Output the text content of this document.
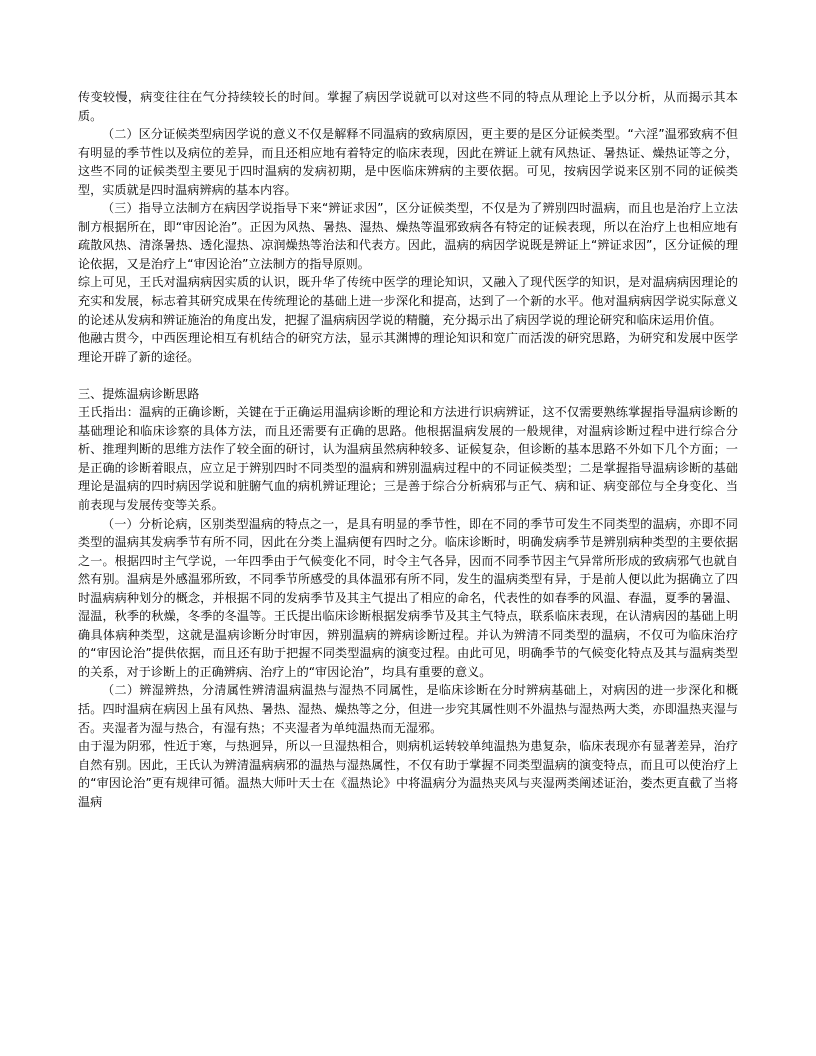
传变较慢，病变往往在气分持续较长的时间。掌握了病因学说就可以对这些不同的特点从理论上予以分析，从而揭示其本质。

（二）区分证候类型病因学说的意义不仅是解释不同温病的致病原因，更主要的是区分证候类型。“六淫”温邪致病不但有明显的季节性以及病位的差异，而且还相应地有着特定的临床表现，因此在辨证上就有风热证、暑热证、燥热证等之分，这些不同的证候类型主要见于四时温病的发病初期，是中医临床辨病的主要依据。可见，按病因学说来区别不同的证候类型，实质就是四时温病辨病的基本内容。

（三）指导立法制方在病因学说指导下来“辨证求因”，区分证候类型，不仅是为了辨别四时温病，而且也是治疗上立法制方根据所在，即“审因论治”。正因为风热、暑热、湿热、燥热等温邪致病各有特定的证候表现，所以在治疗上也相应地有疏散风热、清涤暑热、透化湿热、凉润燥热等治法和代表方。因此，温病的病因学说既是辨证上“辨证求因”，区分证候的理论依据，又是治疗上“审因论治”立法制方的指导原则。

综上可见，王氏对温病病因实质的认识，既升华了传统中医学的理论知识，又融入了现代医学的知识，是对温病病因理论的充实和发展，标志着其研究成果在传统理论的基础上进一步深化和提高，达到了一个新的水平。他对温病病因学说实际意义的论述从发病和辨证施治的角度出发，把握了温病病因学说的精髓，充分揭示出了病因学说的理论研究和临床运用价值。

他融古贯今，中西医理论相互有机结合的研究方法，显示其渊博的理论知识和宽广而活泼的研究思路，为研究和发展中医学理论开辟了新的途径。

三、提炼温病诊断思路

王氏指出：温病的正确诊断，关键在于正确运用温病诊断的理论和方法进行识病辨证，这不仅需要熟练掌握指导温病诊断的基础理论和临床诊察的具体方法，而且还需要有正确的思路。他根据温病发展的一般规律，对温病诊断过程中进行综合分析、推理判断的思维方法作了较全面的研讨，认为温病虽然病种较多、证候复杂，但诊断的基本思路不外如下几个方面；一是正确的诊断着眼点，应立足于辨别四时不同类型的温病和辨别温病过程中的不同证候类型；二是掌握指导温病诊断的基础理论是温病的四时病因学说和脏腑气血的病机辨证理论；三是善于综合分析病邪与正气、病和证、病变部位与全身变化、当前表现与发展传变等关系。

（一）分析论病，区别类型温病的特点之一，是具有明显的季节性，即在不同的季节可发生不同类型的温病，亦即不同类型的温病其发病季节有所不同，因此在分类上温病便有四时之分。临床诊断时，明确发病季节是辨别病种类型的主要依据之一。根据四时主气学说，一年四季由于气候变化不同，时令主气各异，因而不同季节因主气异常所形成的致病邪气也就自然有别。温病是外感温邪所致，不同季节所感受的具体温邪有所不同，发生的温病类型有异，于是前人便以此为据确立了四时温病病种划分的概念，并根据不同的发病季节及其主气提出了相应的命名，代表性的如春季的风温、春温，夏季的暑温、湿温，秋季的秋燥，冬季的冬温等。王氏提出临床诊断根据发病季节及其主气特点，联系临床表现，在认清病因的基础上明确具体病种类型，这就是温病诊断分时审因，辨别温病的辨病诊断过程。并认为辨清不同类型的温病，不仅可为临床治疗的“审因论治”提供依据，而且还有助于把握不同类型温病的演变过程。由此可见，明确季节的气候变化特点及其与温病类型的关系，对于诊断上的正确辨病、治疗上的“审因论治”，均具有重要的意义。

（二）辨湿辨热，分清属性辨清温病温热与湿热不同属性，是临床诊断在分时辨病基础上，对病因的进一步深化和概括。四时温病在病因上虽有风热、暑热、湿热、燥热等之分，但进一步究其属性则不外温热与湿热两大类，亦即温热夹湿与否。夹湿者为湿与热合，有湿有热；不夹湿者为单纯温热而无湿邪。

由于湿为阴邪，性近于寒，与热迥异，所以一旦湿热相合，则病机运转较单纯温热为患复杂，临床表现亦有显著差异，治疗自然有别。因此，王氏认为辨清温病病邪的温热与湿热属性，不仅有助于掌握不同类型温病的演变特点，而且可以使治疗上的“审因论治”更有规律可循。温热大师叶天士在《温热论》中将温病分为温热夹风与夹湿两类阐述证治，娄杰更直截了当将温病
